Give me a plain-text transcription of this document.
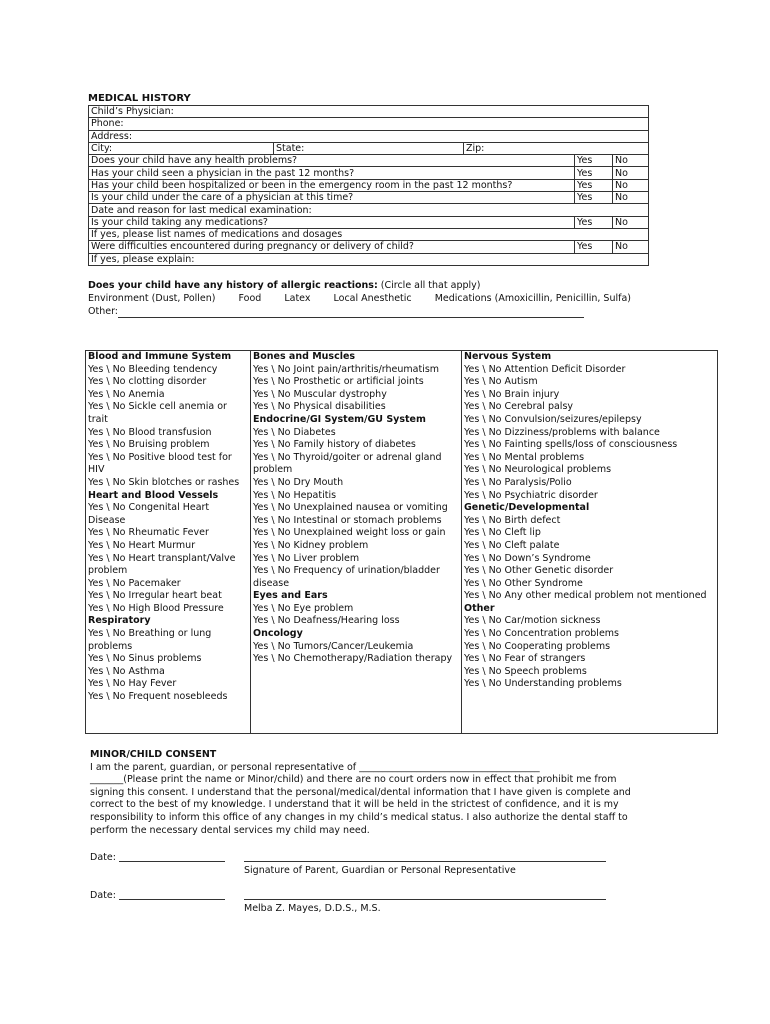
MEDICAL HISTORY
Child’s Physician:				
Phone:				
Address:				
City:	State:	Zip:		
Does your child have any health problems?			Yes	No
Has your child seen a physician in the past 12 months?			Yes	No
Has your child been hospitalized or been in the emergency room in the past 12 months?			Yes	No
Is your child under the care of a physician at this time?			Yes	No
Date and reason for last medical examination:				
Is your child taking any medications?			Yes	No
If yes, please list names of medications and dosages				
Were difficulties encountered during pregnancy or delivery of child?			Yes	No
If yes, please explain:				
Does your child have any history of allergic reactions: (Circle all that apply)
Environment (Dust, Pollen) Food Latex Local Anesthetic Medications (Amoxicillin, Penicillin, Sulfa)
Other:
Blood and Immune System
Yes \ No Bleeding tendency
Yes \ No clotting disorder
Yes \ No Anemia
Yes \ No Sickle cell anemia or trait
Yes \ No Blood transfusion
Yes \ No Bruising problem
Yes \ No Positive blood test for HIV
Yes \ No Skin blotches or rashes
Heart and Blood Vessels
Yes \ No Congenital Heart Disease
Yes \ No Rheumatic Fever
Yes \ No Heart Murmur
Yes \ No Heart transplant/Valve problem
Yes \ No Pacemaker
Yes \ No Irregular heart beat
Yes \ No High Blood Pressure
Respiratory
Yes \ No Breathing or lung problems
Yes \ No Sinus problems
Yes \ No Asthma
Yes \ No Hay Fever
Yes \ No Frequent nosebleeds
Bones and Muscles
Yes \ No Joint pain/arthritis/rheumatism
Yes \ No Prosthetic or artificial joints
Yes \ No Muscular dystrophy
Yes \ No Physical disabilities
Endocrine/GI System/GU System
Yes \ No Diabetes
Yes \ No Family history of diabetes
Yes \ No Thyroid/goiter or adrenal gland problem
Yes \ No Dry Mouth
Yes \ No Hepatitis
Yes \ No Unexplained nausea or vomiting
Yes \ No Intestinal or stomach problems
Yes \ No Unexplained weight loss or gain
Yes \ No Kidney problem
Yes \ No Liver problem
Yes \ No Frequency of urination/bladder disease
Eyes and Ears
Yes \ No Eye problem
Yes \ No Deafness/Hearing loss
Oncology
Yes \ No Tumors/Cancer/Leukemia
Yes \ No Chemotherapy/Radiation therapy
Nervous System
Yes \ No Attention Deficit Disorder
Yes \ No Autism
Yes \ No Brain injury
Yes \ No Cerebral palsy
Yes \ No Convulsion/seizures/epilepsy
Yes \ No Dizziness/problems with balance
Yes \ No Fainting spells/loss of consciousness
Yes \ No Mental problems
Yes \ No Neurological problems
Yes \ No Paralysis/Polio
Yes \ No Psychiatric disorder
Genetic/Developmental
Yes \ No Birth defect
Yes \ No Cleft lip
Yes \ No Cleft palate
Yes \ No Down’s Syndrome
Yes \ No Other Genetic disorder
Yes \ No Other Syndrome
Yes \ No Any other medical problem not mentioned
Other
Yes \ No Car/motion sickness
Yes \ No Concentration problems
Yes \ No Cooperating problems
Yes \ No Fear of strangers
Yes \ No Speech problems
Yes \ No Understanding problems
MINOR/CHILD CONSENT
I am the parent, guardian, or personal representative of ______________________________________
_______(Please print the name or Minor/child) and there are no court orders now in effect that prohibit me from
signing this consent. I understand that the personal/medical/dental information that I have given is complete and
correct to the best of my knowledge. I understand that it will be held in the strictest of confidence, and it is my
responsibility to inform this office of any changes in my child’s medical status. I also authorize the dental staff to
perform the necessary dental services my child may need.
Date:
Signature of Parent, Guardian or Personal Representative
Date:
Melba Z. Mayes, D.D.S., M.S.
